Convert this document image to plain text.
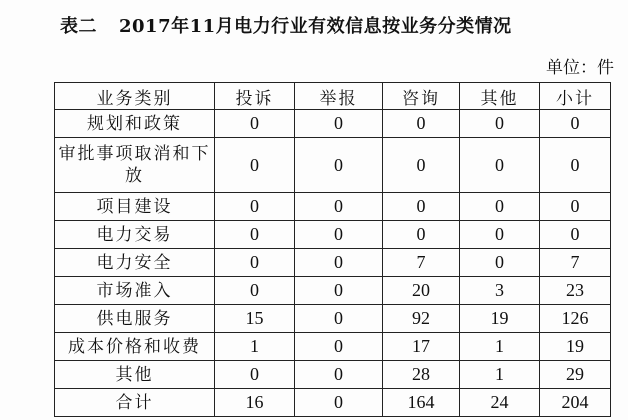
表二 2017年11月电力行业有效信息按业务分类情况
单位：件
业务类别	投诉	举报	咨询	其他	小计
规划和政策	0	0	0	0	0
审批事项取消和下放	0	0	0	0	0
项目建设	0	0	0	0	0
电力交易	0	0	0	0	0
电力安全	0	0	7	0	7
市场准入	0	0	20	3	23
供电服务	15	0	92	19	126
成本价格和收费	1	0	17	1	19
其他	0	0	28	1	29
合计	16	0	164	24	204
